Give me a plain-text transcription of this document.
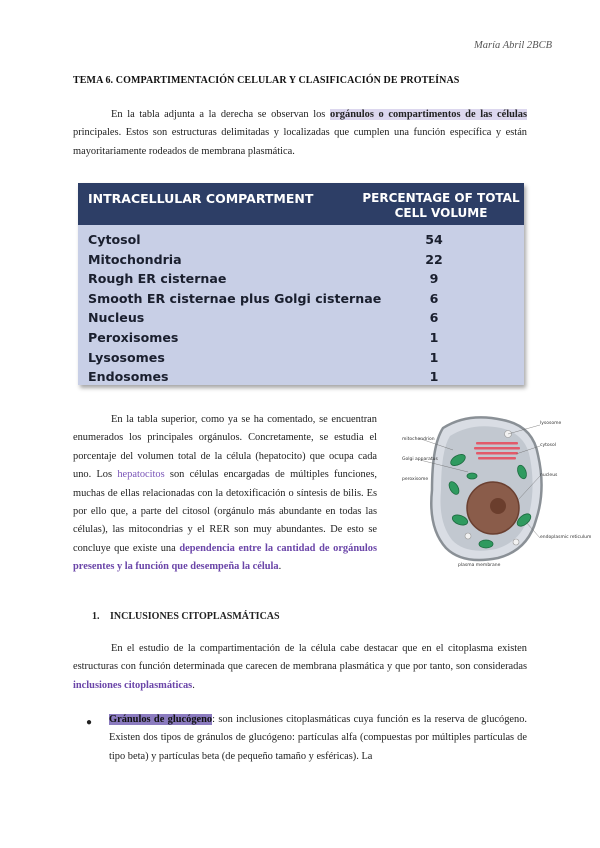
María Abril 2BCB
TEMA 6. COMPARTIMENTACIÓN CELULAR Y CLASIFICACIÓN DE PROTEÍNAS
En la tabla adjunta a la derecha se observan los orgánulos o compartimentos de las células principales. Estos son estructuras delimitadas y localizadas que cumplen una función específica y están mayoritariamente rodeados de membrana plasmática.
INTRACELLULAR COMPARTMENT	PERCENTAGE OF TOTAL CELL VOLUME
Cytosol	54
Mitochondria	22
Rough ER cisternae	9
Smooth ER cisternae plus Golgi cisternae	6
Nucleus	6
Peroxisomes	1
Lysosomes	1
Endosomes	1
En la tabla superior, como ya se ha comentado, se encuentran enumerados los principales orgánulos. Concretamente, se estudia el porcentaje del volumen total de la célula (hepatocito) que ocupa cada uno. Los hepatocitos son células encargadas de múltiples funciones, muchas de ellas relacionadas con la detoxificación o síntesis de bilis. Es por ello que, a parte del citosol (orgánulo más abundante en todas las células), las mitocondrias y el RER son muy abundantes. De esto se concluye que existe una dependencia entre la cantidad de orgánulos presentes y la función que desempeña la célula.
mitochondrion
Golgi apparatus
peroxisome
lysosome
cytosol
nucleus
endoplasmic reticulum
plasma membrane
1. INCLUSIONES CITOPLASMÁTICAS
En el estudio de la compartimentación de la célula cabe destacar que en el citoplasma existen estructuras con función determinada que carecen de membrana plasmática y que por tanto, son consideradas inclusiones citoplasmáticas.
● Gránulos de glucógeno: son inclusiones citoplasmáticas cuya función es la reserva de glucógeno. Existen dos tipos de gránulos de glucógeno: partículas alfa (compuestas por múltiples partículas de tipo beta) y partículas beta (de pequeño tamaño y esféricas). La
